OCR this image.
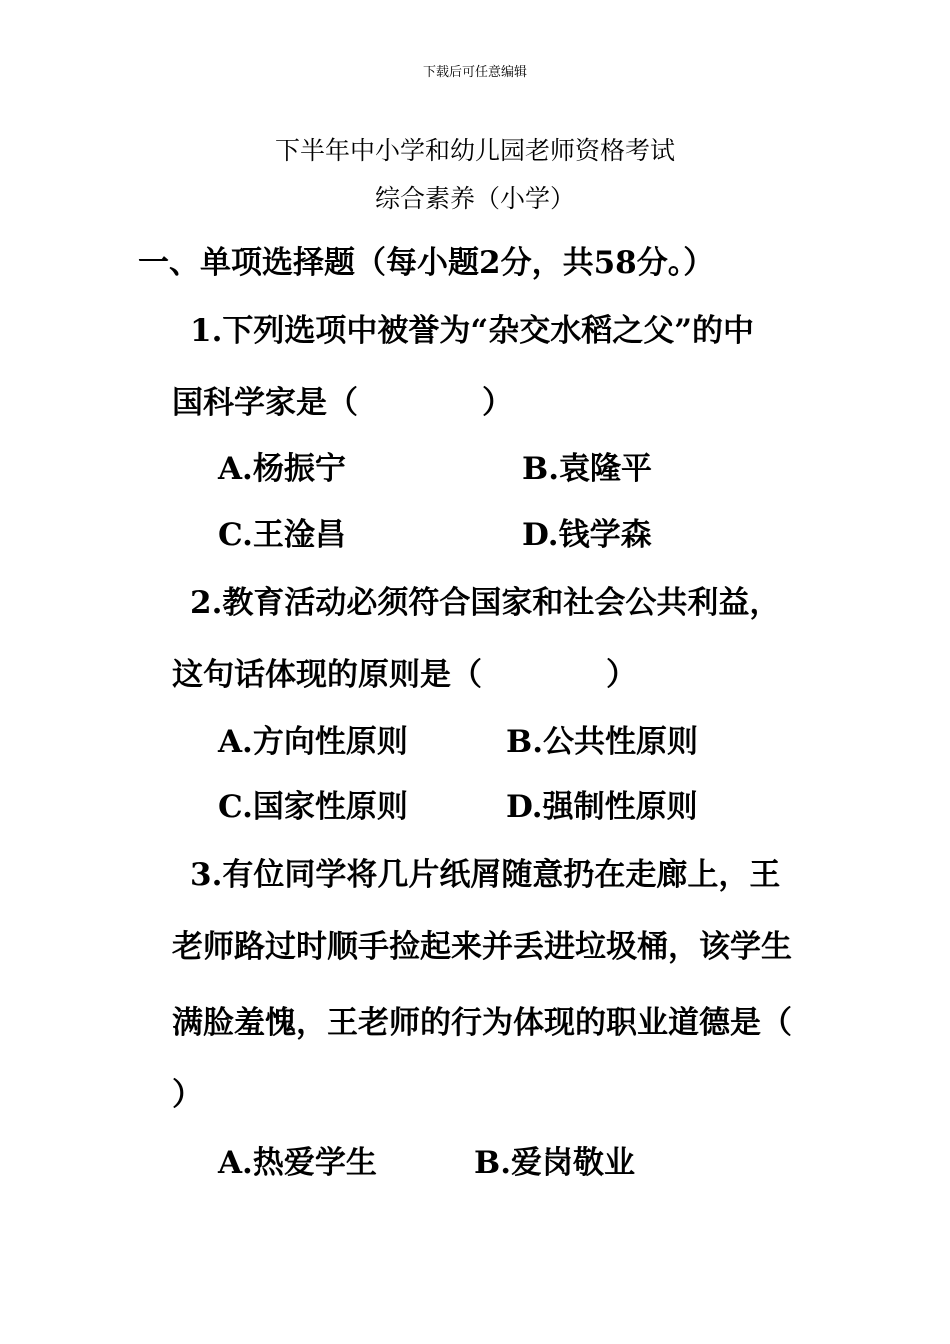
下载后可任意编辑
下半年中小学和幼儿园老师资格考试
综合素养（小学）
一、单项选择题（每小题2分，共58分。）
1.下列选项中被誉为“杂交水稻之父”的中
国科学家是（　　　　）
A.杨振宁	B.袁隆平
C.王淦昌	D.钱学森
2.教育活动必须符合国家和社会公共利益，
这句话体现的原则是（　　　　）
A.方向性原则	B.公共性原则
C.国家性原则	D.强制性原则
3.有位同学将几片纸屑随意扔在走廊上，王
老师路过时顺手捡起来并丢进垃圾桶，该学生
满脸羞愧，王老师的行为体现的职业道德是（
）
A.热爱学生	B.爱岗敬业
